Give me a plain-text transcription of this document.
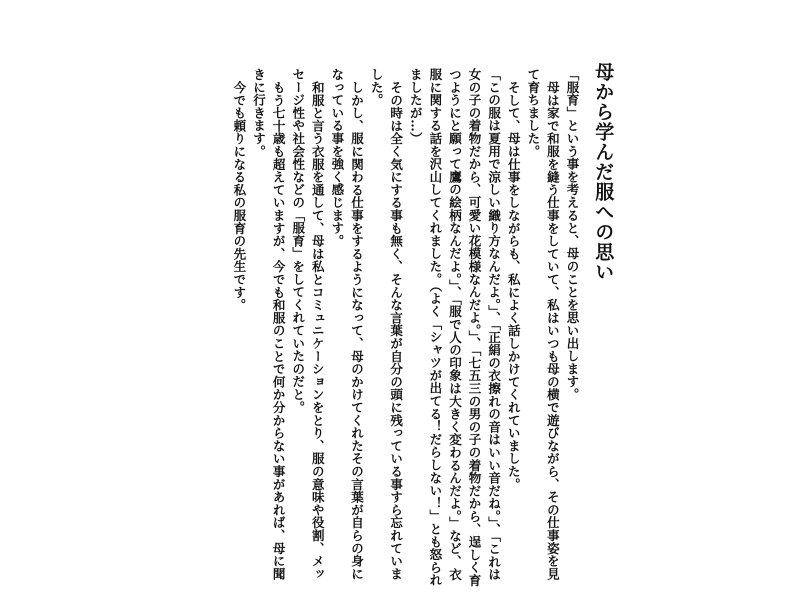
母から学んだ服への思い

「服育」という事を考えると、母のことを思い出します。

母は家で和服を縫う仕事をしていて、私はいつも母の横で遊びながら、その仕事姿を見て育ちました。

そして、母は仕事をしながらも、私によく話しかけてくれていました。

「この服は夏用で涼しい織り方なんだよ。」、「正絹の衣擦れの音はいい音だね。」、「これは女の子の着物だから、可愛い花模様なんだよ。」、「七五三の男の子の着物だから、逞しく育つようにと願って鷹の絵柄なんだよ。」、「服で人の印象は大きく変わるんだよ。」など、衣服に関する話を沢山してくれました。（よく「シャツが出てる！だらしない！」とも怒られましたが…）

その時は全く気にする事も無く、そんな言葉が自分の頭に残っている事すら忘れていました。

しかし、服に関わる仕事をするようになって、母のかけてくれたその言葉が自らの身になっている事を強く感じます。

和服と言う衣服を通して、母は私とコミュニケーションをとり、服の意味や役割、メッセージ性や社会性などの「服育」をしてくれていたのだと。

もう七十歳も超えていますが、今でも和服のことで何か分からない事があれば、母に聞きに行きます。

今でも頼りになる私の服育の先生です。
